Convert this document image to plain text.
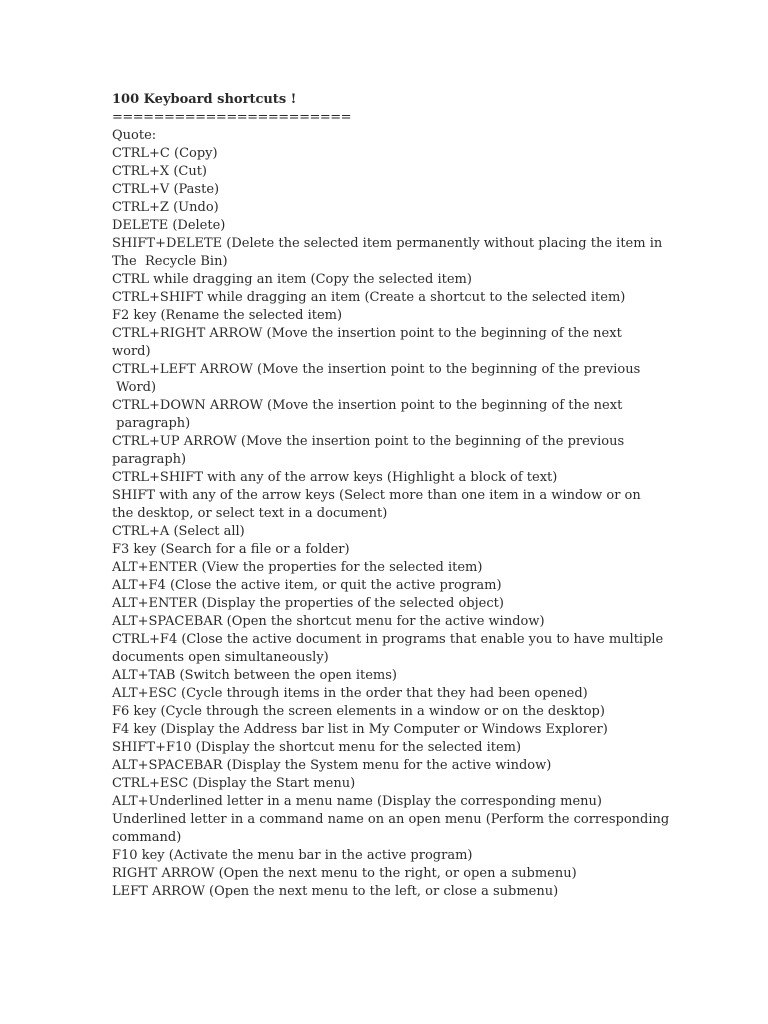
100 Keyboard shortcuts !
=======================
Quote:
CTRL+C (Copy)
CTRL+X (Cut)
CTRL+V (Paste)
CTRL+Z (Undo)
DELETE (Delete)
SHIFT+DELETE (Delete the selected item permanently without placing the item in
The  Recycle Bin)
CTRL while dragging an item (Copy the selected item)
CTRL+SHIFT while dragging an item (Create a shortcut to the selected item)
F2 key (Rename the selected item)
CTRL+RIGHT ARROW (Move the insertion point to the beginning of the next
word)
CTRL+LEFT ARROW (Move the insertion point to the beginning of the previous
Word)
CTRL+DOWN ARROW (Move the insertion point to the beginning of the next
paragraph)
CTRL+UP ARROW (Move the insertion point to the beginning of the previous
paragraph)
CTRL+SHIFT with any of the arrow keys (Highlight a block of text)
SHIFT with any of the arrow keys (Select more than one item in a window or on
the desktop, or select text in a document)
CTRL+A (Select all)
F3 key (Search for a file or a folder)
ALT+ENTER (View the properties for the selected item)
ALT+F4 (Close the active item, or quit the active program)
ALT+ENTER (Display the properties of the selected object)
ALT+SPACEBAR (Open the shortcut menu for the active window)
CTRL+F4 (Close the active document in programs that enable you to have multiple
documents open simultaneously)
ALT+TAB (Switch between the open items)
ALT+ESC (Cycle through items in the order that they had been opened)
F6 key (Cycle through the screen elements in a window or on the desktop)
F4 key (Display the Address bar list in My Computer or Windows Explorer)
SHIFT+F10 (Display the shortcut menu for the selected item)
ALT+SPACEBAR (Display the System menu for the active window)
CTRL+ESC (Display the Start menu)
ALT+Underlined letter in a menu name (Display the corresponding menu)
Underlined letter in a command name on an open menu (Perform the corresponding
command)
F10 key (Activate the menu bar in the active program)
RIGHT ARROW (Open the next menu to the right, or open a submenu)
LEFT ARROW (Open the next menu to the left, or close a submenu)
